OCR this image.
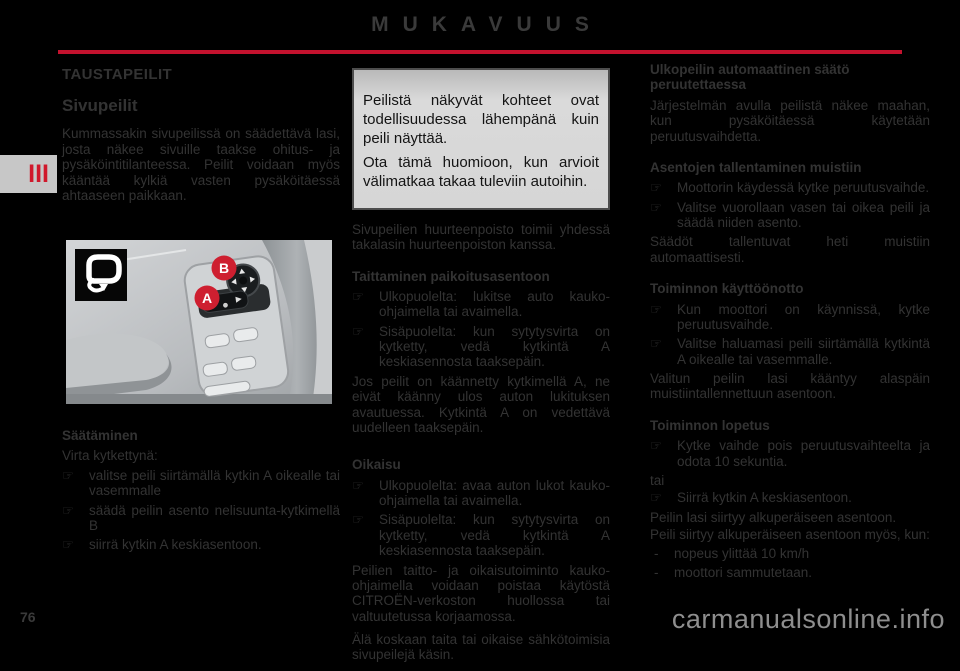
MUKAVUUS
III
TAUSTAPEILIT
Sivupeilit

Kummassakin sivupeilissä on säädettävä lasi, josta näkee sivuille taakse ohitus- ja pysäköintitilanteessa. Peilit voidaan myös kääntää kylkiä vasten pysäköitäessä ahtaaseen paikkaan.

B
A
Säätäminen

Virta kytkettynä:

☞	valitse peili siirtämällä kytkin A oikealle tai vasemmalle
☞	säädä peilin asento nelisuunta-kytkimellä B
☞	siirrä kytkin A keskiasentoon.

Peilistä näkyvät kohteet ovat todellisuudessa lähempänä kuin peili näyttää.

Ota tämä huomioon, kun arvioit välimatkaa takaa tuleviin autoihin.

Sivupeilien huurteenpoisto toimii yhdessä takalasin huurteenpoiston kanssa.

Taittaminen paikoitusasentoon
☞	Ulkopuolelta: lukitse auto kauko-ohjaimella tai avaimella.
☞	Sisäpuolelta: kun sytytysvirta on kytketty, vedä kytkintä A keskiasennosta taaksepäin.

Jos peilit on käännetty kytkimellä A, ne eivät käänny ulos auton lukituksen avautuessa. Kytkintä A on vedettävä uudelleen taaksepäin.

Oikaisu
☞	Ulkopuolelta: avaa auton lukot kauko-ohjaimella tai avaimella.
☞	Sisäpuolelta: kun sytytysvirta on kytketty, vedä kytkintä A keskiasennosta taaksepäin.

Peilien taitto- ja oikaisutoiminto kauko-ohjaimella voidaan poistaa käytöstä CITROËN-verkoston huollossa tai valtuutetussa korjaamossa.

Älä koskaan taita tai oikaise sähkötoimisia sivupeilejä käsin.

Ulkopeilin automaattinen säätö peruutettaessa

Järjestelmän avulla peilistä näkee maahan, kun pysäköitäessä käytetään peruutusvaihdetta.

Asentojen tallentaminen muistiin
☞	Moottorin käydessä kytke peruutusvaihde.
☞	Valitse vuorollaan vasen tai oikea peili ja säädä niiden asento.

Säädöt tallentuvat heti muistiin automaattisesti.

Toiminnon käyttöönotto
☞	Kun moottori on käynnissä, kytke peruutusvaihde.
☞	Valitse haluamasi peili siirtämällä kytkintä A oikealle tai vasemmalle.

Valitun peilin lasi kääntyy alaspäin muistiintallennettuun asentoon.

Toiminnon lopetus
☞	Kytke vaihde pois peruutusvaihteelta ja odota 10 sekuntia.

tai

☞	Siirrä kytkin A keskiasentoon.

Peilin lasi siirtyy alkuperäiseen asentoon.

Peili siirtyy alkuperäiseen asentoon myös, kun:

-	nopeus ylittää 10 km/h
-	moottori sammutetaan.
76	carmanualsonline.info
